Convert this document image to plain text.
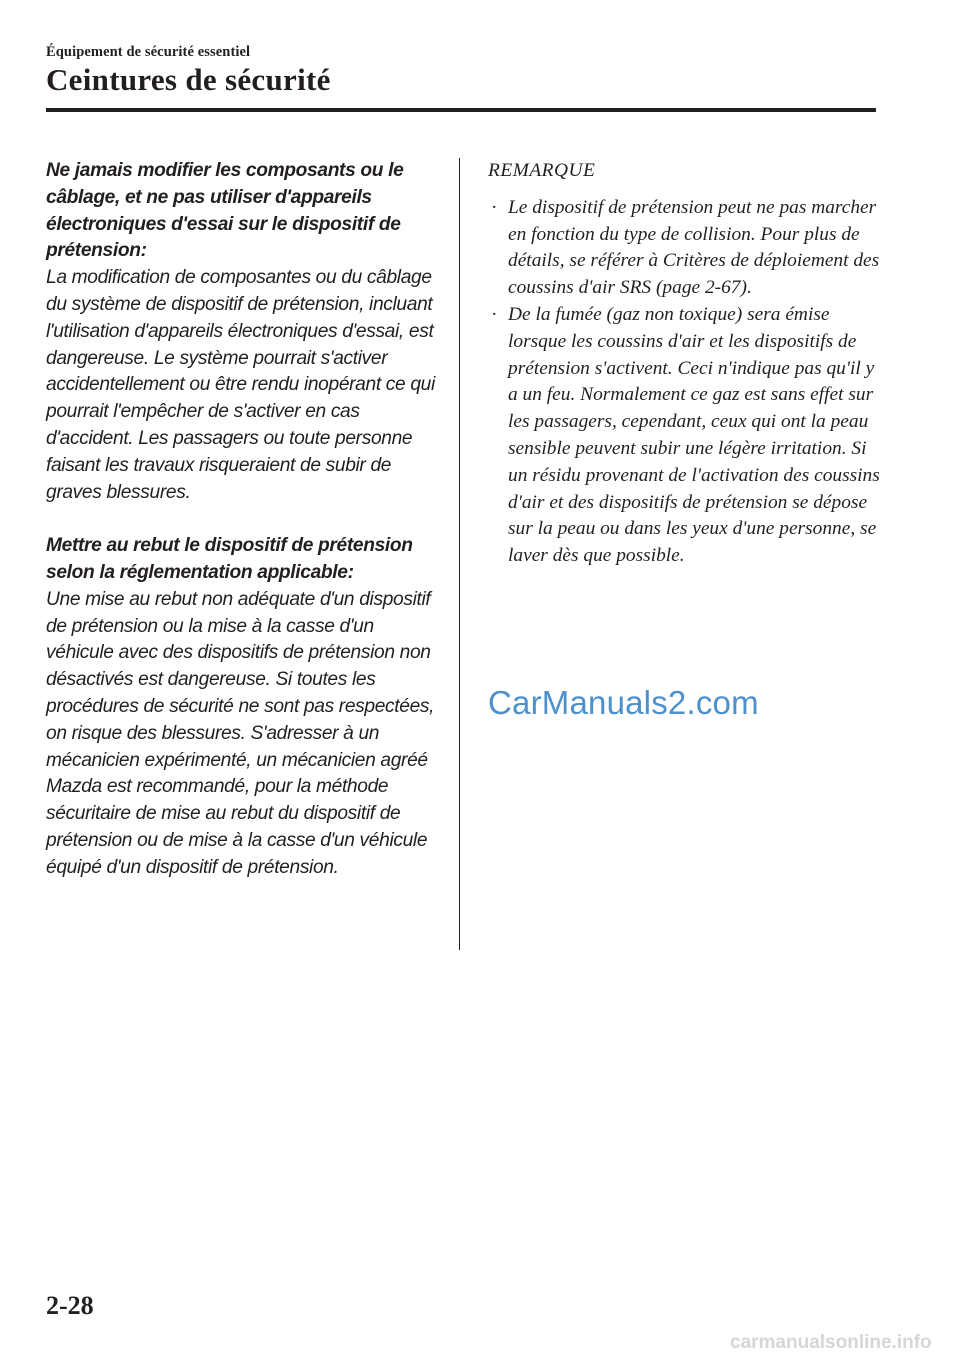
Équipement de sécurité essentiel
Ceintures de sécurité

Ne jamais modifier les composants ou le câblage, et ne pas utiliser d'appareils électroniques d'essai sur le dispositif de prétension:

La modification de composantes ou du câblage du système de dispositif de prétension, incluant l'utilisation d'appareils électroniques d'essai, est dangereuse. Le système pourrait s'activer accidentellement ou être rendu inopérant ce qui pourrait l'empêcher de s'activer en cas d'accident. Les passagers ou toute personne faisant les travaux risqueraient de subir de graves blessures.

Mettre au rebut le dispositif de prétension selon la réglementation applicable:

Une mise au rebut non adéquate d'un dispositif de prétension ou la mise à la casse d'un véhicule avec des dispositifs de prétension non désactivés est dangereuse. Si toutes les procédures de sécurité ne sont pas respectées, on risque des blessures. S'adresser à un mécanicien expérimenté, un mécanicien agréé Mazda est recommandé, pour la méthode sécuritaire de mise au rebut du dispositif de prétension ou de mise à la casse d'un véhicule équipé d'un dispositif de prétension.

REMARQUE

· Le dispositif de prétension peut ne pas marcher en fonction du type de collision. Pour plus de détails, se référer à Critères de déploiement des coussins d'air SRS (page 2-67).
· De la fumée (gaz non toxique) sera émise lorsque les coussins d'air et les dispositifs de prétension s'activent. Ceci n'indique pas qu'il y a un feu. Normalement ce gaz est sans effet sur les passagers, cependant, ceux qui ont la peau sensible peuvent subir une légère irritation. Si un résidu provenant de l'activation des coussins d'air et des dispositifs de prétension se dépose sur la peau ou dans les yeux d'une personne, se laver dès que possible.
CarManuals2.com
2-28
carmanualsonline.info
